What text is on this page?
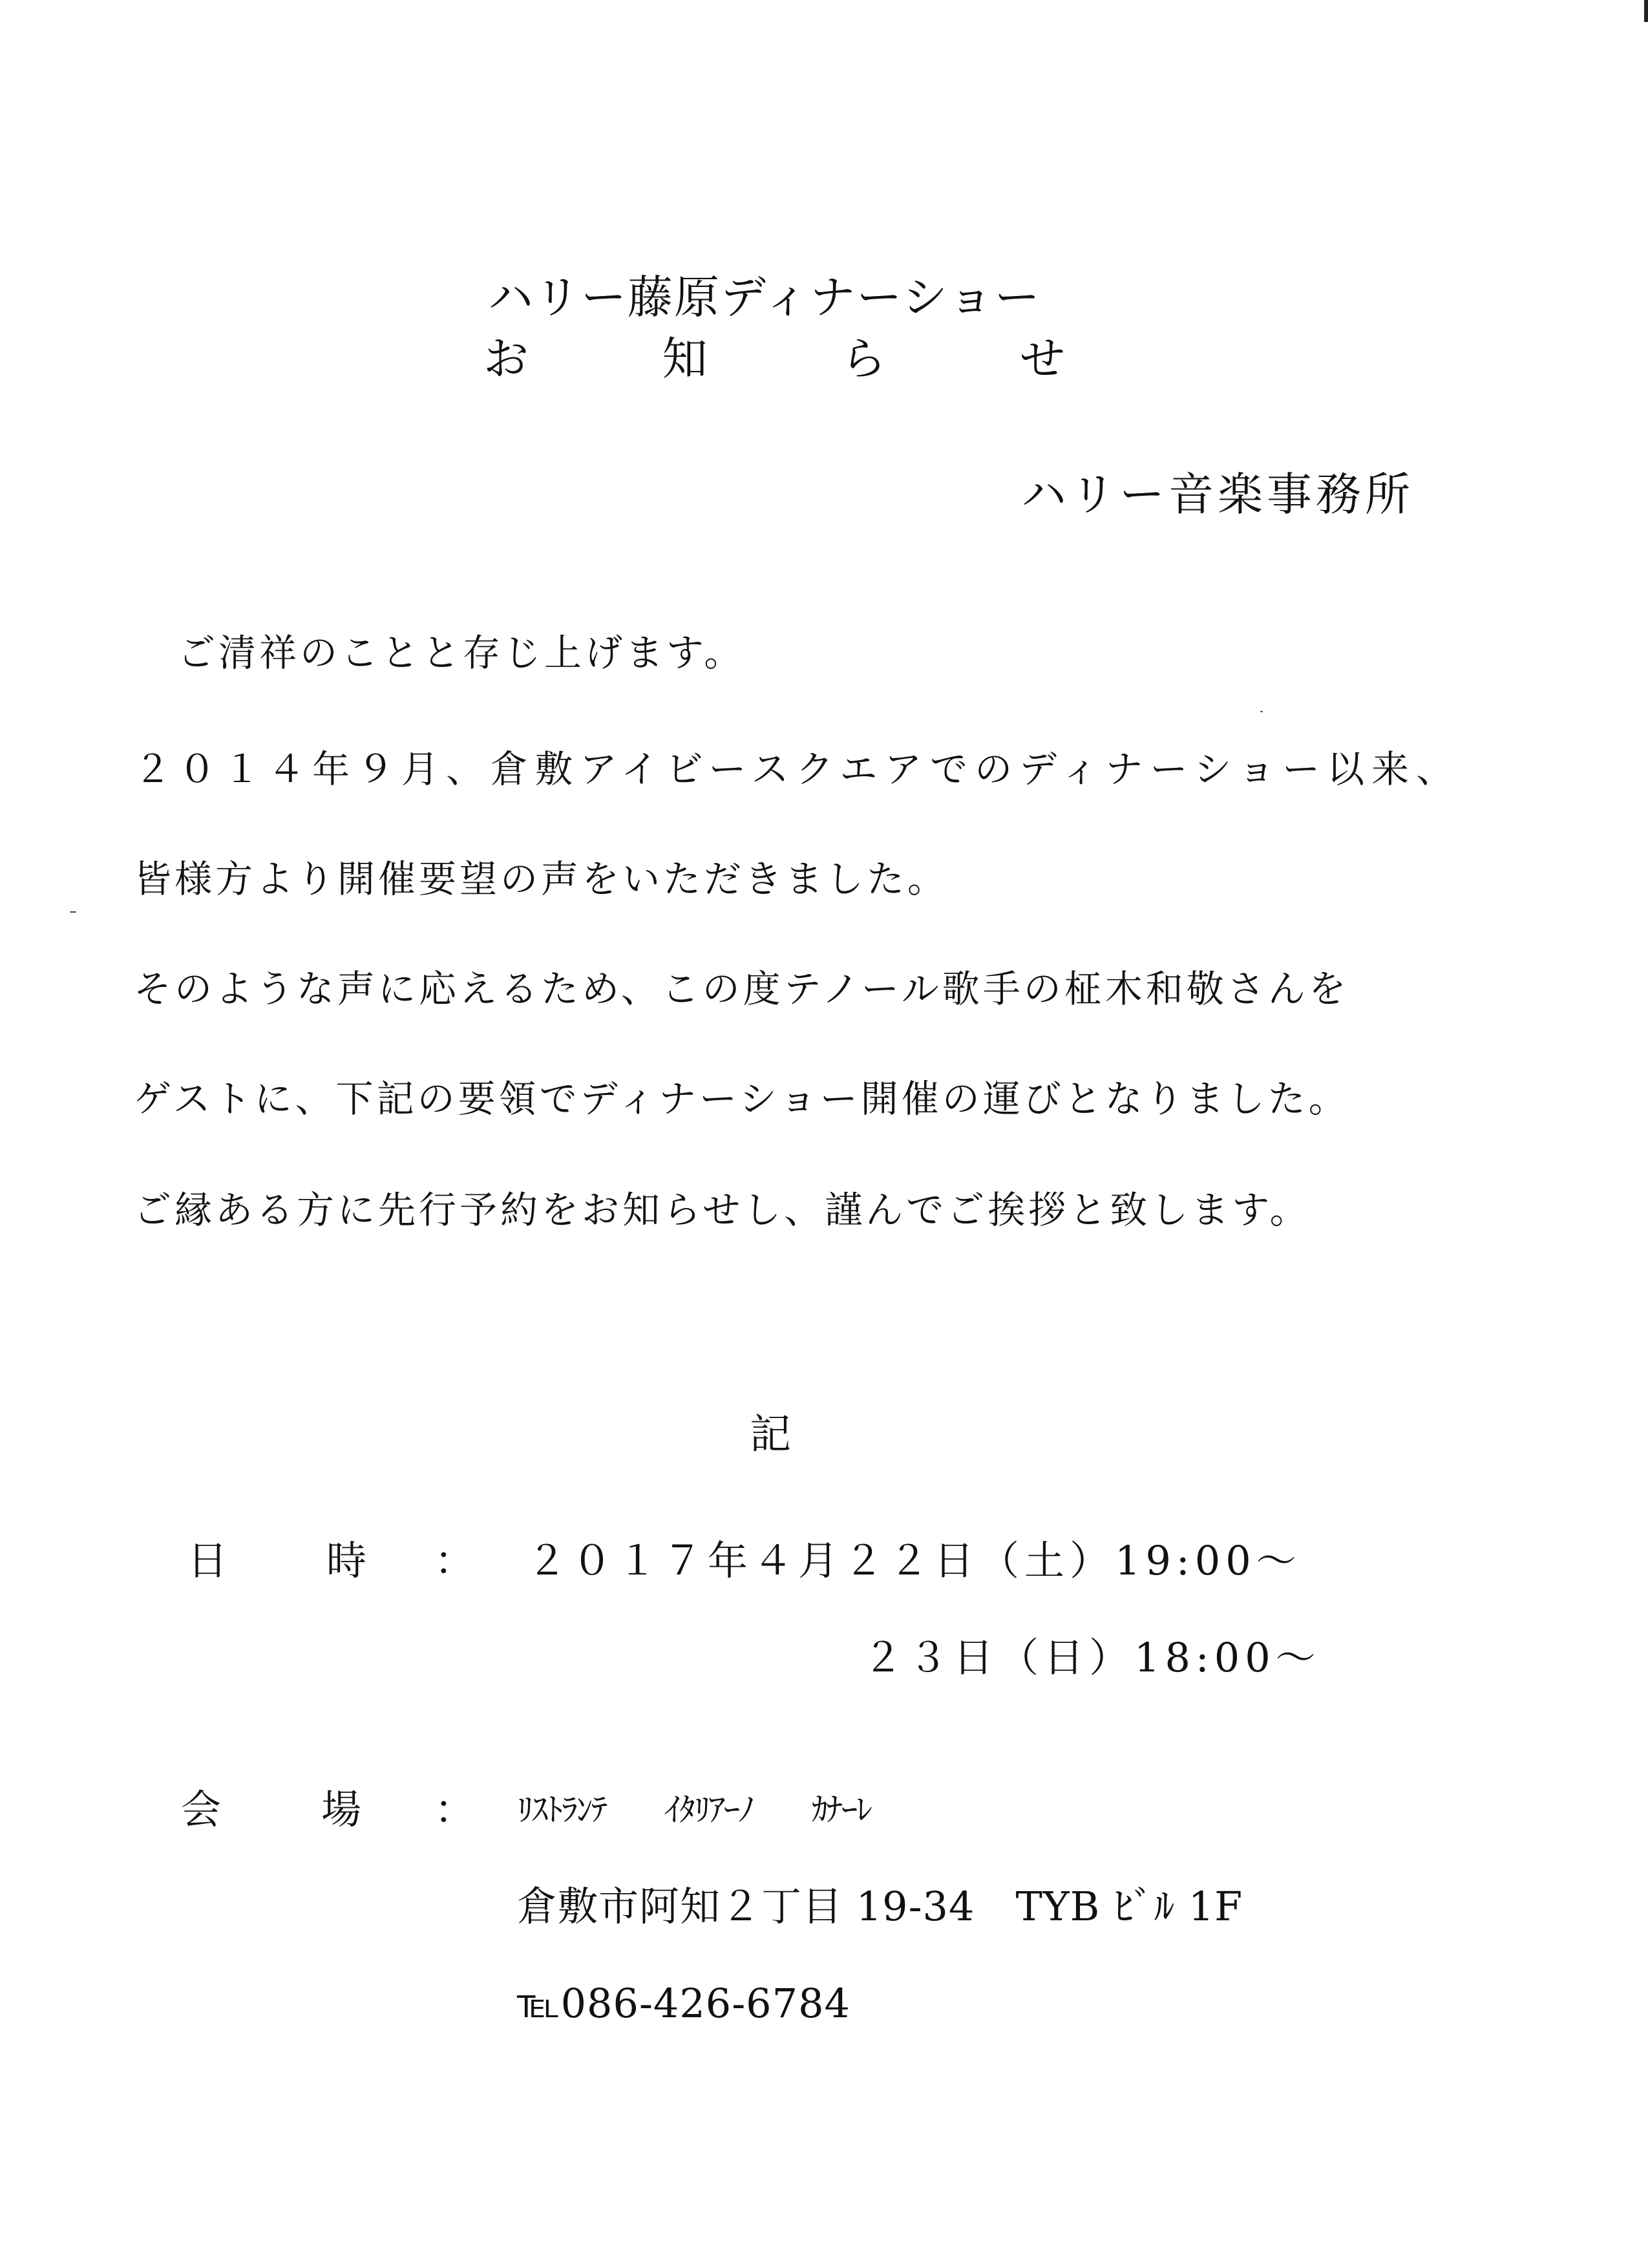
ハリー藤原ディナーショー
お	知	ら	せ
ハリー音楽事務所
ご清祥のことと存じ上げます。
２０１４年９月、倉敷アイビースクエアでのディナーショー以来、
皆様方より開催要望の声をいただきました。
そのような声に応えるため、この度テノール歌手の柾木和敬さんを
ゲストに、下記の要領でディナーショー開催の運びとなりました。
ご縁ある方に先行予約をお知らせし、謹んでご挨拶と致します。
記
日 時 ： ２０１７年４月２２日（土）19:00～
２３日（日）18:00～
会 場 ： ﾘｽﾄﾗﾝﾃ ｲﾀﾘｱｰﾉ ｶﾅｰﾚ
倉敷市阿知２丁目 19-34　TYB ﾋﾞﾙ 1F
℡086-426-6784
